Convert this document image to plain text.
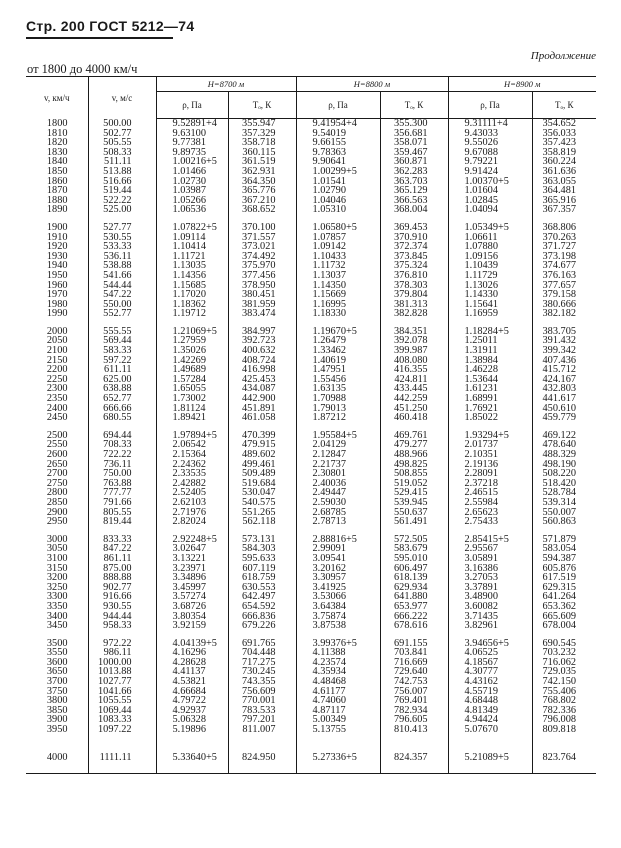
Стр. 200 ГОСТ 5212—74
Продолжение
от 1800 до 4000 км/ч
v, км/ч	v, м/с	H=8700 м		H=8800 м		H=8900 м	
		ρ, Па	Tₒ, К	ρ, Па	Tₒ, К	ρ, Па	Tₒ, К
1800	500.00	9.52891+4	355.947	9.41954+4	355.300	9.31111+4	354.652
1810	502.77	9.63100	357.329	9.54019	356.681	9.43033	356.033
1820	505.55	9.77381	358.718	9.66155	358.071	9.55026	357.423
1830	508.33	9.89735	360.115	9.78363	359.467	9.67088	358.819
1840	511.11	1.00216+5	361.519	9.90641	360.871	9.79221	360.224
1850	513.88	1.01466	362.931	1.00299+5	362.283	9.91424	361.636
1860	516.66	1.02730	364.350	1.01541	363.703	1.00370+5	363.055
1870	519.44	1.03987	365.776	1.02790	365.129	1.01604	364.481
1880	522.22	1.05266	367.210	1.04046	366.563	1.02845	365.916
1890	525.00	1.06536	368.652	1.05310	368.004	1.04094	367.357

1900	527.77	1.07822+5	370.100	1.06580+5	369.453	1.05349+5	368.806
1910	530.55	1.09114	371.557	1.07857	370.910	1.06611	370.263
1920	533.33	1.10414	373.021	1.09142	372.374	1.07880	371.727
1930	536.11	1.11721	374.492	1.10433	373.845	1.09156	373.198
1940	538.88	1.13035	375.970	1.11732	375.324	1.10439	374.677
1950	541.66	1.14356	377.456	1.13037	376.810	1.11729	376.163
1960	544.44	1.15685	378.950	1.14350	378.303	1.13026	377.657
1970	547.22	1.17020	380.451	1.15669	379.804	1.14330	379.158
1980	550.00	1.18362	381.959	1.16995	381.313	1.15641	380.666
1990	552.77	1.19712	383.474	1.18330	382.828	1.16959	382.182

2000	555.55	1.21069+5	384.997	1.19670+5	384.351	1.18284+5	383.705
2050	569.44	1.27959	392.723	1.26479	392.078	1.25011	391.432
2100	583.33	1.35026	400.632	1.33462	399.987	1.31911	399.342
2150	597.22	1.42269	408.724	1.40619	408.080	1.38984	407.436
2200	611.11	1.49689	416.998	1.47951	416.355	1.46228	415.712
2250	625.00	1.57284	425.453	1.55456	424.811	1.53644	424.167
2300	638.88	1.65055	434.087	1.63135	433.445	1.61231	432.803
2350	652.77	1.73002	442.900	1.70988	442.259	1.68991	441.617
2400	666.66	1.81124	451.891	1.79013	451.250	1.76921	450.610
2450	680.55	1.89421	461.058	1.87212	460.418	1.85022	459.779

2500	694.44	1.97894+5	470.399	1.95584+5	469.761	1.93294+5	469.122
2550	708.33	2.06542	479.915	2.04129	479.277	2.01737	478.640
2600	722.22	2.15364	489.602	2.12847	488.966	2.10351	488.329
2650	736.11	2.24362	499.461	2.21737	498.825	2.19136	498.190
2700	750.00	2.33535	509.489	2.30801	508.855	2.28091	508.220
2750	763.88	2.42882	519.684	2.40036	519.052	2.37218	518.420
2800	777.77	2.52405	530.047	2.49447	529.415	2.46515	528.784
2850	791.66	2.62103	540.575	2.59030	539.945	2.55984	539.314
2900	805.55	2.71976	551.265	2.68785	550.637	2.65623	550.007
2950	819.44	2.82024	562.118	2.78713	561.491	2.75433	560.863

3000	833.33	2.92248+5	573.131	2.88816+5	572.505	2.85415+5	571.879
3050	847.22	3.02647	584.303	2.99091	583.679	2.95567	583.054
3100	861.11	3.13221	595.633	3.09541	595.010	3.05891	594.387
3150	875.00	3.23971	607.119	3.20162	606.497	3.16386	605.876
3200	888.88	3.34896	618.759	3.30957	618.139	3.27053	617.519
3250	902.77	3.45997	630.553	3.41925	629.934	3.37891	629.315
3300	916.66	3.57274	642.497	3.53066	641.880	3.48900	641.264
3350	930.55	3.68726	654.592	3.64384	653.977	3.60082	653.362
3400	944.44	3.80354	666.836	3.75874	666.222	3.71435	665.609
3450	958.33	3.92159	679.226	3.87538	678.616	3.82961	678.004

3500	972.22	4.04139+5	691.765	3.99376+5	691.155	3.94656+5	690.545
3550	986.11	4.16296	704.448	4.11388	703.841	4.06525	703.232
3600	1000.00	4.28628	717.275	4.23574	716.669	4.18567	716.062
3650	1013.88	4.41137	730.245	4.35934	729.640	4.30777	729.035
3700	1027.77	4.53821	743.355	4.48468	742.753	4.43162	742.150
3750	1041.66	4.66684	756.609	4.61177	756.007	4.55719	755.406
3800	1055.55	4.79722	770.001	4.74060	769.401	4.68448	768.802
3850	1069.44	4.92937	783.533	4.87117	782.934	4.81349	782.336
3900	1083.33	5.06328	797.201	5.00349	796.605	4.94424	796.008
3950	1097.22	5.19896	811.007	5.13755	810.413	5.07670	809.818

4000	1111.11	5.33640+5	824.950	5.27336+5	824.357	5.21089+5	823.764
